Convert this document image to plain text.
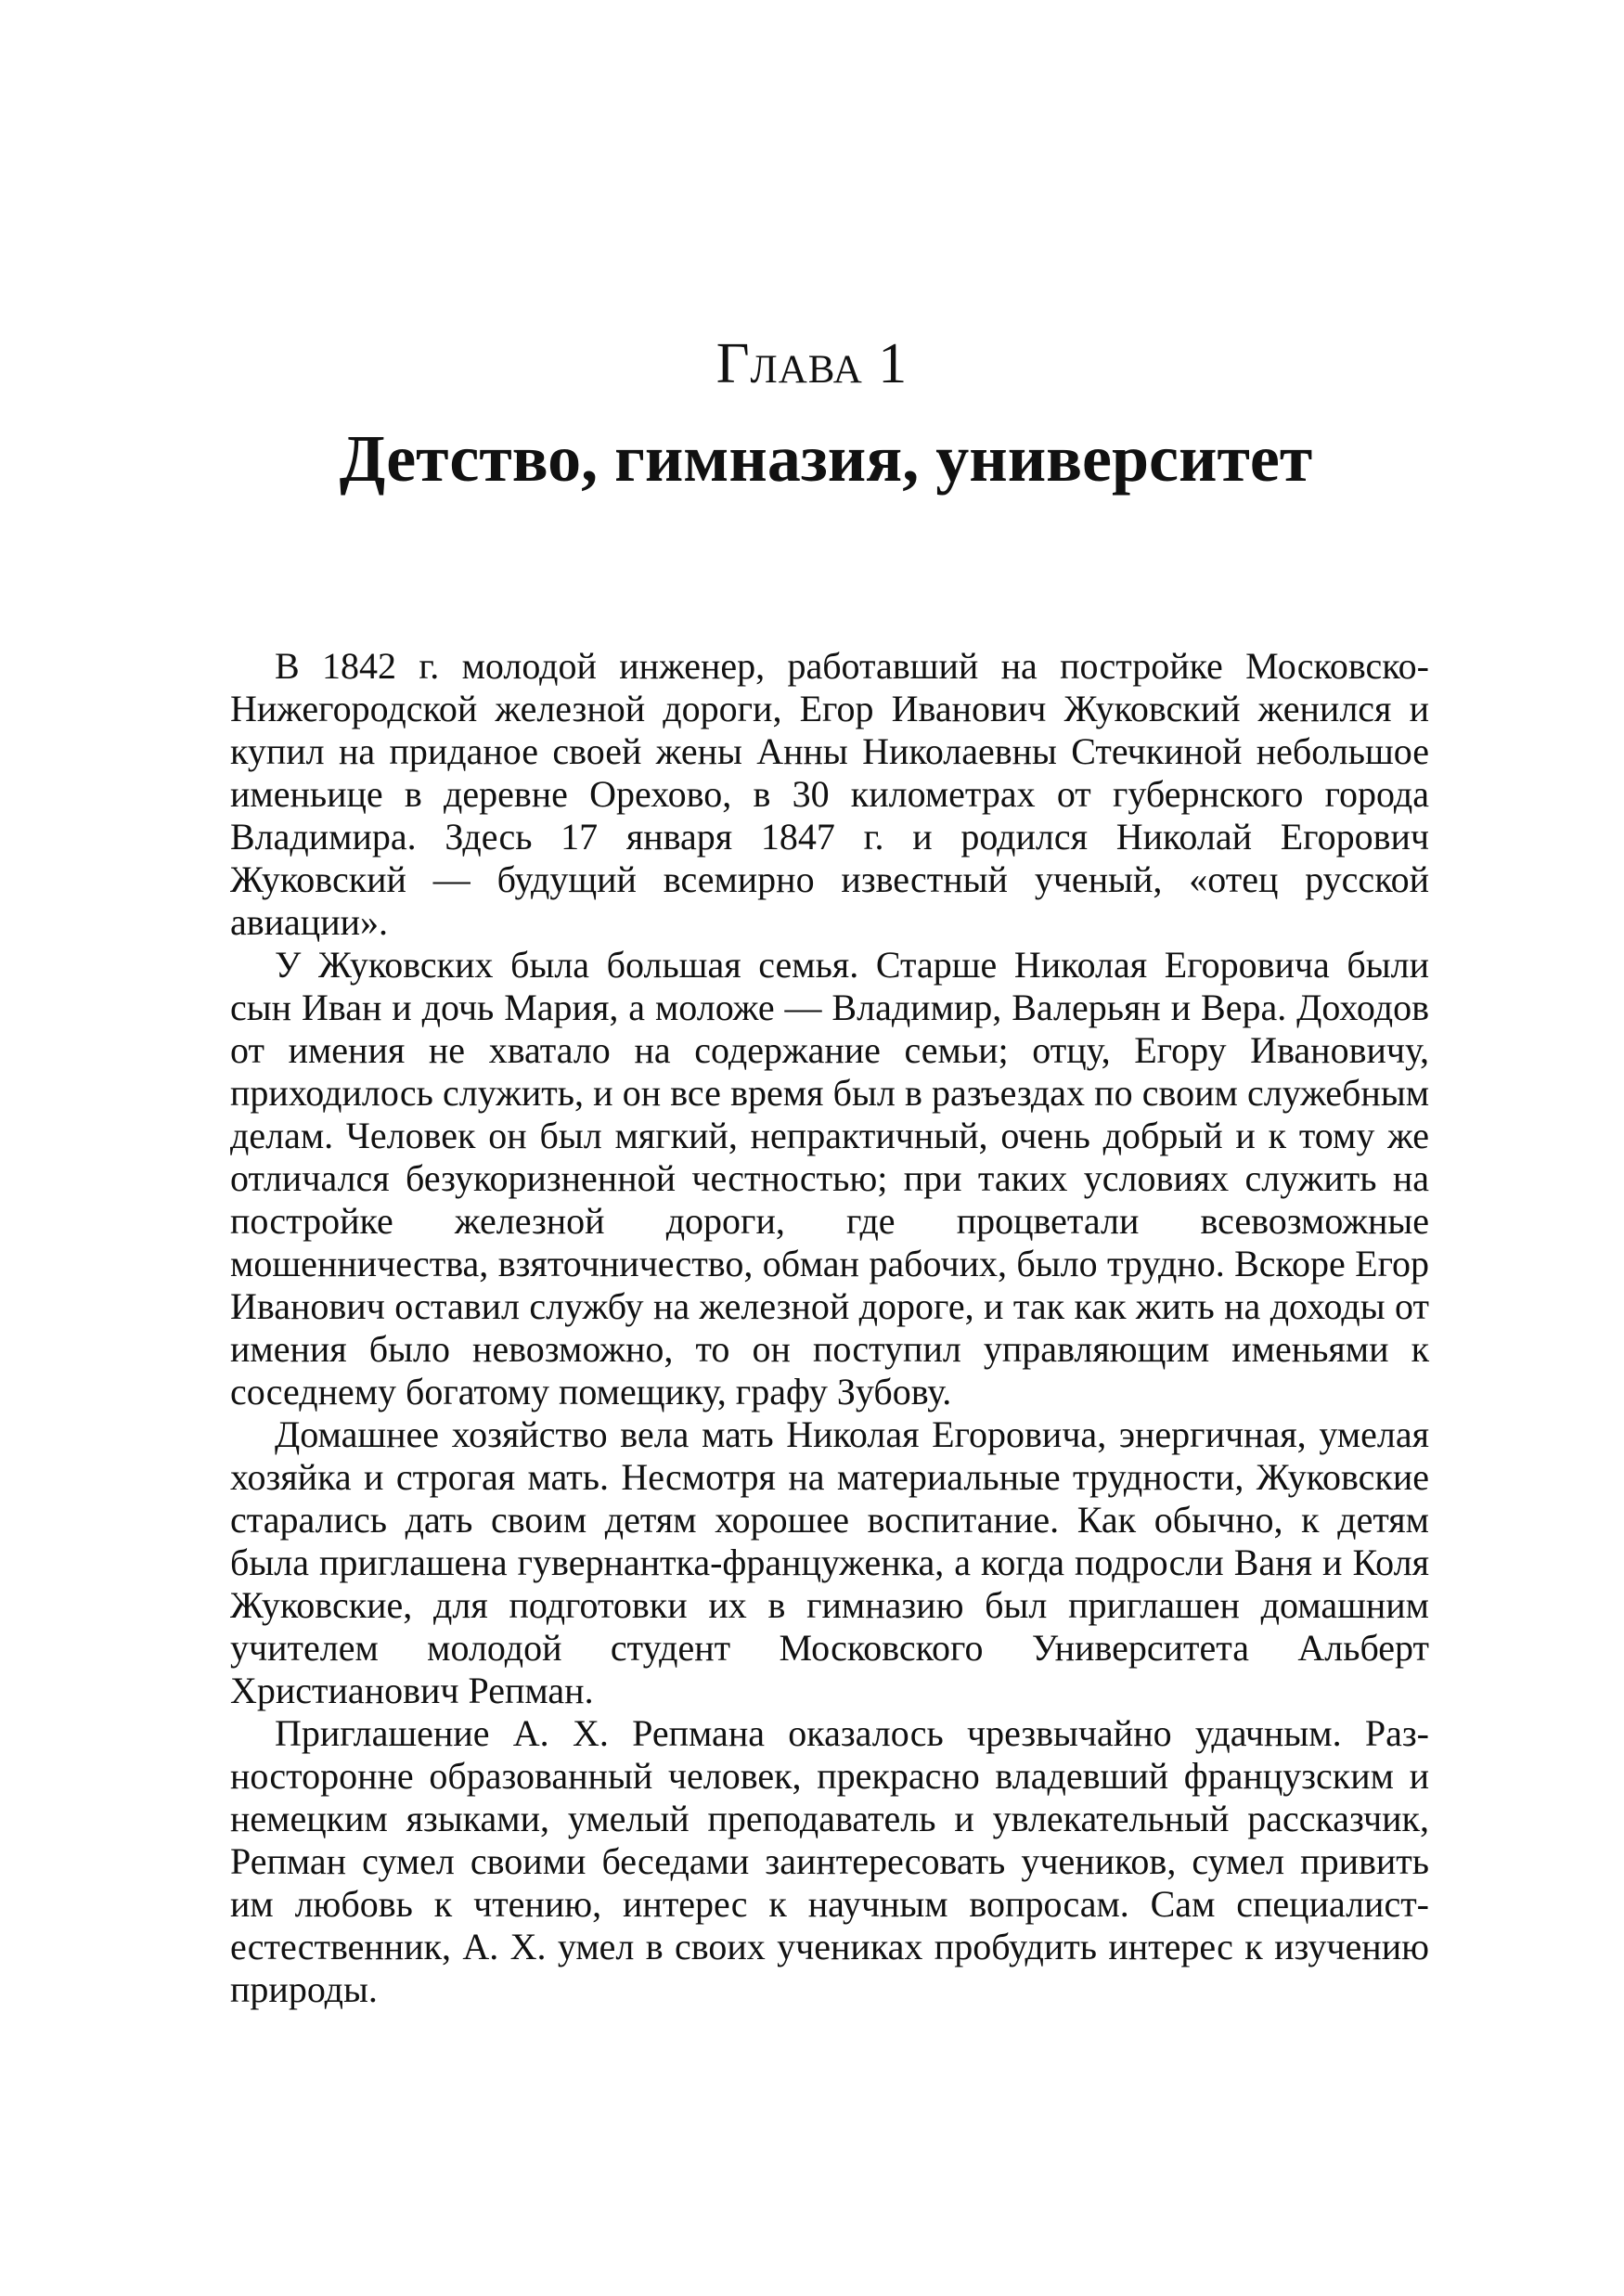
Глава 1
Детство, гимназия, университет

В 1842 г. молодой инженер, работавший на постройке Московско-Нижегородской железной дороги, Егор Иванович Жуковский женился и купил на приданое своей жены Анны Николаевны Стечкиной небольшое именьице в деревне Орехово, в 30 километрах от губернского города Владимира. Здесь 17 января 1847 г. и родился Николай Егорович Жуковский — будущий всемирно известный ученый, «отец русской авиации».

У Жуковских была большая семья. Старше Николая Егоровича были сын Иван и дочь Мария, а моложе — Владимир, Валерьян и Вера. Доходов от имения не хватало на содержание семьи; отцу, Егору Ивановичу, приходилось служить, и он все время был в разъездах по своим служебным делам. Человек он был мягкий, непрактичный, очень добрый и к тому же отличался безукоризненной честностью; при таких условиях служить на постройке железной дороги, где процветали всевозможные мошенничества, взяточничество, обман рабочих, было трудно. Вскоре Егор Иванович оставил службу на железной дороге, и так как жить на доходы от имения было невозможно, то он поступил управляющим именьями к соседнему богатому помещику, графу Зубову.

Домашнее хозяйство вела мать Николая Егоровича, энергичная, умелая хозяйка и строгая мать. Несмотря на материальные трудности, Жуковские старались дать своим детям хорошее воспитание. Как обычно, к детям была приглашена гувернантка-француженка, а когда подросли Ваня и Коля Жуковские, для подготовки их в гимназию был приглашен домашним учителем молодой студент Московского Университета Альберт Христианович Репман.

Приглашение А. Х. Репмана оказалось чрезвычайно удачным. Разносторонне образованный человек, прекрасно владевший французским и немецким языками, умелый преподаватель и увлекательный рассказчик, Репман сумел своими беседами заинтересовать учеников, сумел привить им любовь к чтению, интерес к научным вопросам. Сам специалист-естественник, А. Х. умел в своих учениках пробудить интерес к изучению природы.
